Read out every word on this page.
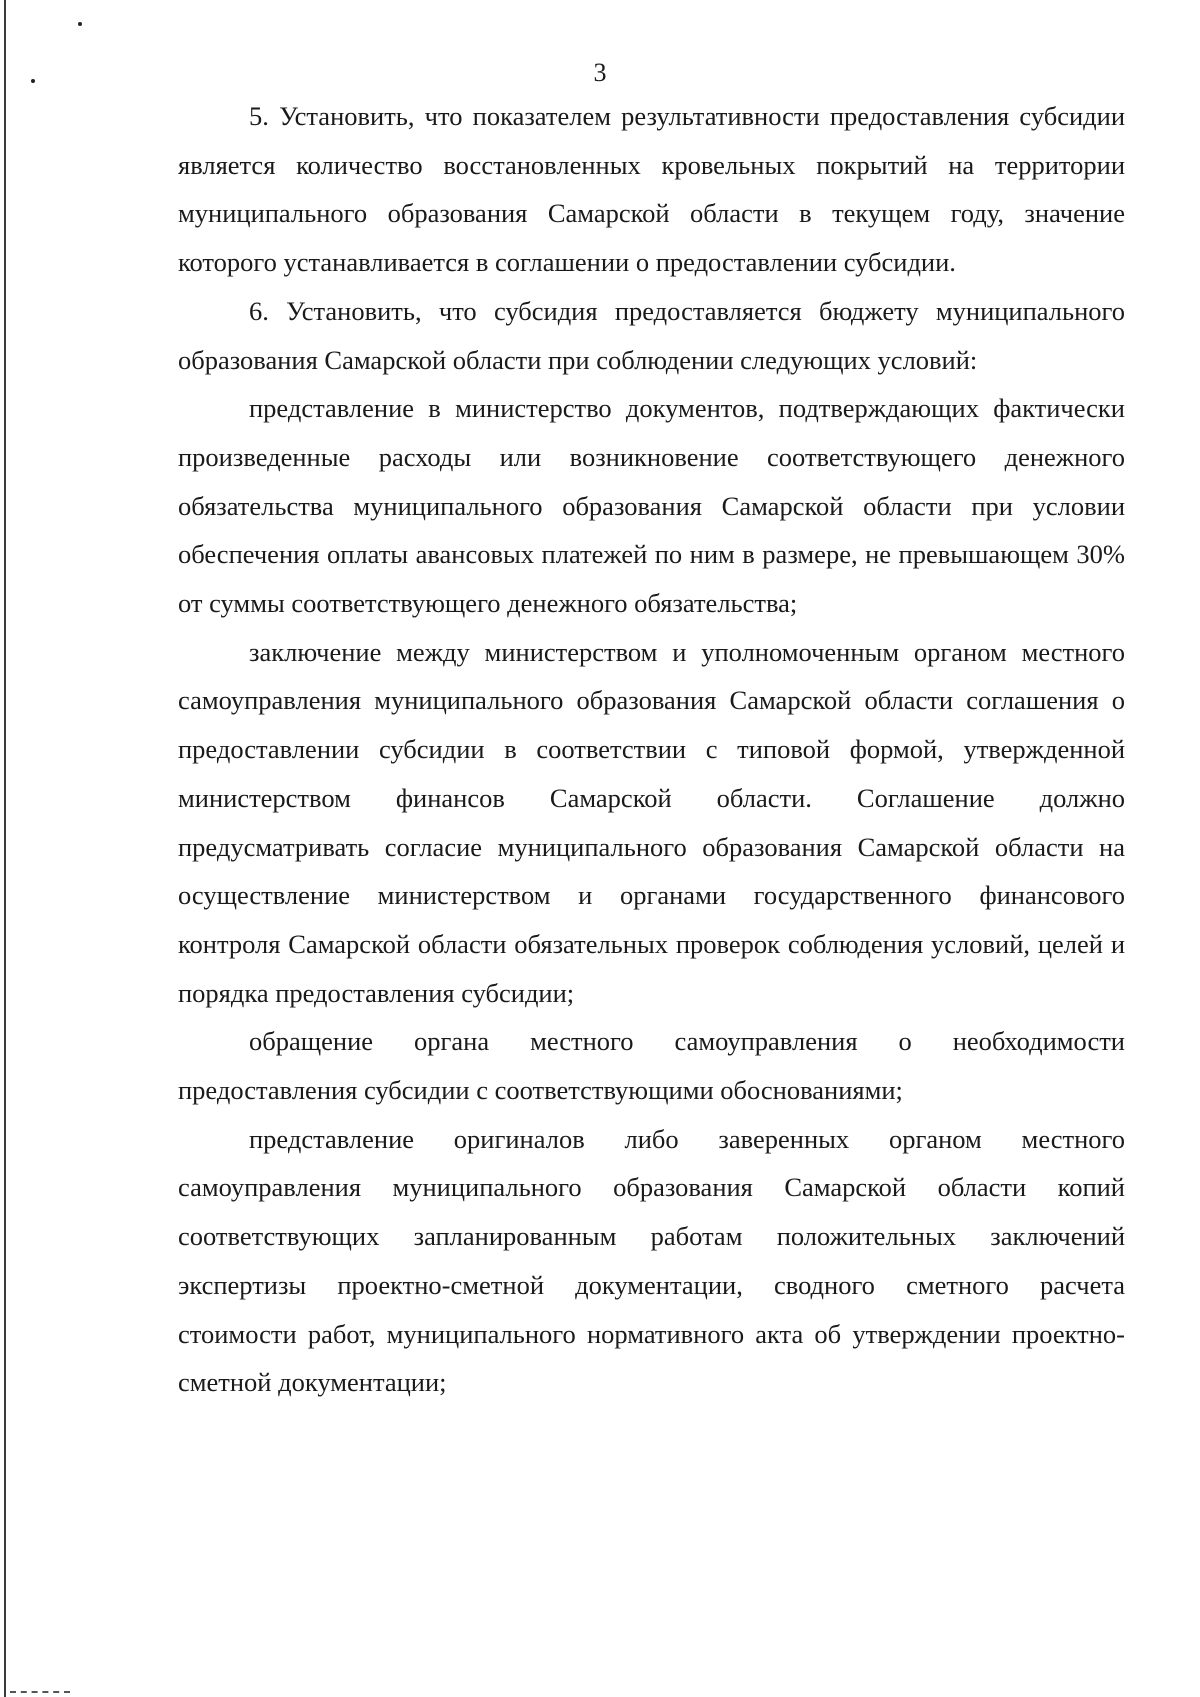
3

5. Установить, что показателем результативности предоставления субсидии является количество восстановленных кровельных покрытий на территории муниципального образования Самарской области в текущем году, значение которого устанавливается в соглашении о предоставлении субсидии.

6. Установить, что субсидия предоставляется бюджету муниципального образования Самарской области при соблюдении следующих условий:

представление в министерство документов, подтверждающих фактически произведенные расходы или возникновение соответствующего денежного обязательства муниципального образования Самарской области при условии обеспечения оплаты авансовых платежей по ним в размере, не превышающем 30% от суммы соответствующего денежного обязательства;

заключение между министерством и уполномоченным органом местного самоуправления муниципального образования Самарской области соглашения о предоставлении субсидии в соответствии с типовой формой, утвержденной министерством финансов Самарской области. Соглашение должно предусматривать согласие муниципального образования Самарской области на осуществление министерством и органами государственного финансового контроля Самарской области обязательных проверок соблюдения условий, целей и порядка предоставления субсидии;

обращение органа местного самоуправления о необходимости предоставления субсидии с соответствующими обоснованиями;

представление оригиналов либо заверенных органом местного самоуправления муниципального образования Самарской области копий соответствующих запланированным работам положительных заключений экспертизы проектно-сметной документации, сводного сметного расчета стоимости работ, муниципального нормативного акта об утверждении проектно-сметной документации;
